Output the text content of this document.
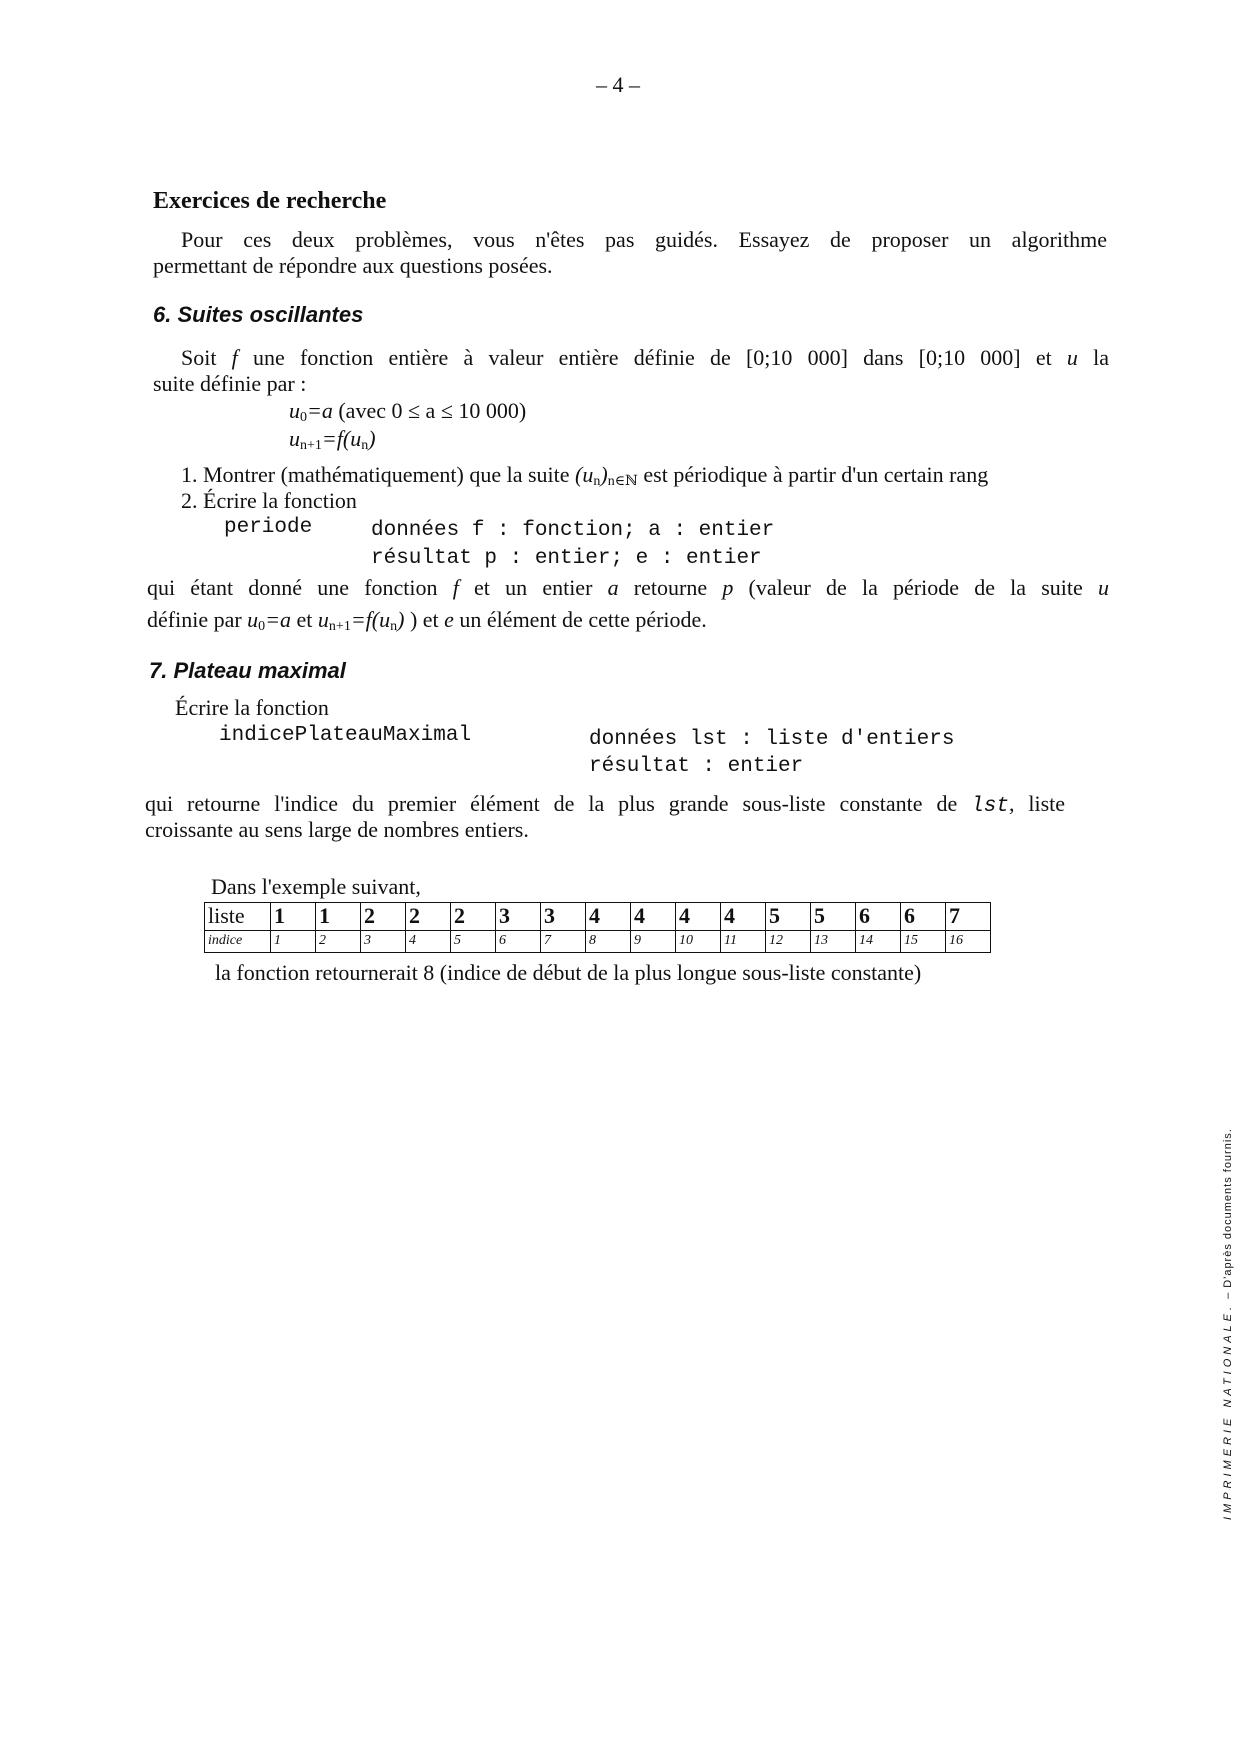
– 4 –
Exercices de recherche
Pour ces deux problèmes, vous n'êtes pas guidés. Essayez de proposer un algorithme
permettant de répondre aux questions posées.
6. Suites oscillantes
Soit f une fonction entière à valeur entière définie de [0;10 000] dans [0;10 000] et u la
suite définie par :
$u_0=a$ (avec 0 ≤ a ≤ 10 000)
$u_{n+1}=f(u_n)$
1. Montrer (mathématiquement) que la suite $(u_n)_{n\in ℕ}$ est périodique à partir d'un certain rang
2. Écrire la fonction
periode	données f : fonction; a : entier
résultat p : entier; e : entier
qui étant donné une fonction f et un entier a retourne p (valeur de la période de la suite u
définie par $u_0=a$ et $u_{n+1}=f(u_n)$ ) et e un élément de cette période.
7. Plateau maximal
Écrire la fonction
indicePlateauMaximal	données lst : liste d'entiers
résultat : entier
qui retourne l'indice du premier élément de la plus grande sous-liste constante de lst, liste
croissante au sens large de nombres entiers.
Dans l'exemple suivant,
liste	1	1	2	2	2	3	3	4	4	4	4	5	5	6	6	7
indice	1	2	3	4	5	6	7	8	9	10	11	12	13	14	15	16
la fonction retournerait 8 (indice de début de la plus longue sous-liste constante)
IMPRIMERIE NATIONALE. – D'après documents fournis.
